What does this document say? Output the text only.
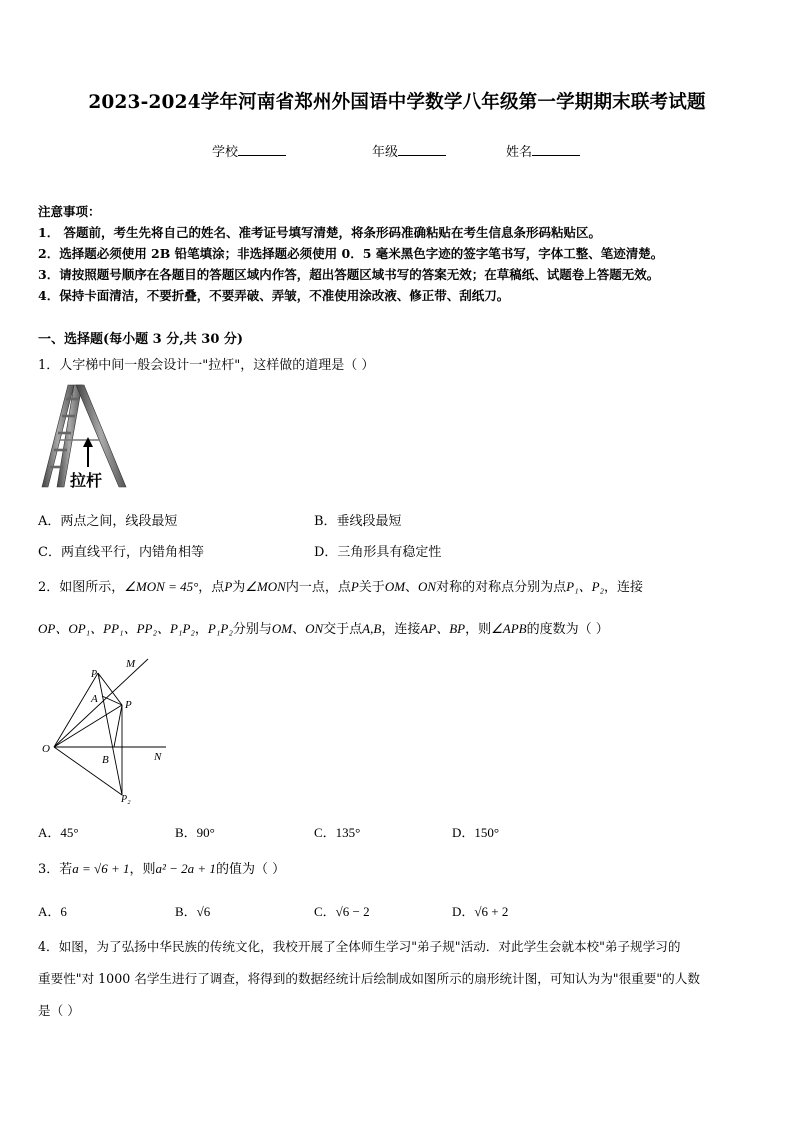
2023-2024学年河南省郑州外国语中学数学八年级第一学期期末联考试题
学校	年级	姓名
注意事项：
1． 答题前，考生先将自己的姓名、准考证号填写清楚，将条形码准确粘贴在考生信息条形码粘贴区。
2．选择题必须使用 2B 铅笔填涂；非选择题必须使用 0．5 毫米黑色字迹的签字笔书写，字体工整、笔迹清楚。
3．请按照题号顺序在各题目的答题区域内作答，超出答题区域书写的答案无效；在草稿纸、试题卷上答题无效。
4．保持卡面清洁，不要折叠，不要弄破、弄皱，不准使用涂改液、修正带、刮纸刀。
一、选择题(每小题 3 分,共 30 分)
1．人字梯中间一般会设计一"拉杆"，这样做的道理是（ ）
拉杆
A．两点之间，线段最短	B．垂线段最短
C．两直线平行，内错角相等	D．三角形具有稳定性
2．如图所示，∠MON = 45°，点P为∠MON内一点，点P关于OM、ON对称的对称点分别为点P₁、P₂，连接
OP、OP₁、PP₁、PP₂、P₁P₂，P₁P₂分别与OM、ON交于点A,B，连接AP、BP，则∠APB的度数为（ ）
M
N
O
A
B
P
P₁
P₂
A．45°	B．90°	C．135°	D．150°
3．若a = √6 + 1，则a² − 2a + 1的值为（ ）
A．6	B．√6	C．√6 − 2	D．√6 + 2
4．如图，为了弘扬中华民族的传统文化，我校开展了全体师生学习"弟子规"活动．对此学生会就本校"弟子规学习的
重要性"对 1000 名学生进行了调查，将得到的数据经统计后绘制成如图所示的扇形统计图，可知认为为"很重要"的人数
是（ ）
